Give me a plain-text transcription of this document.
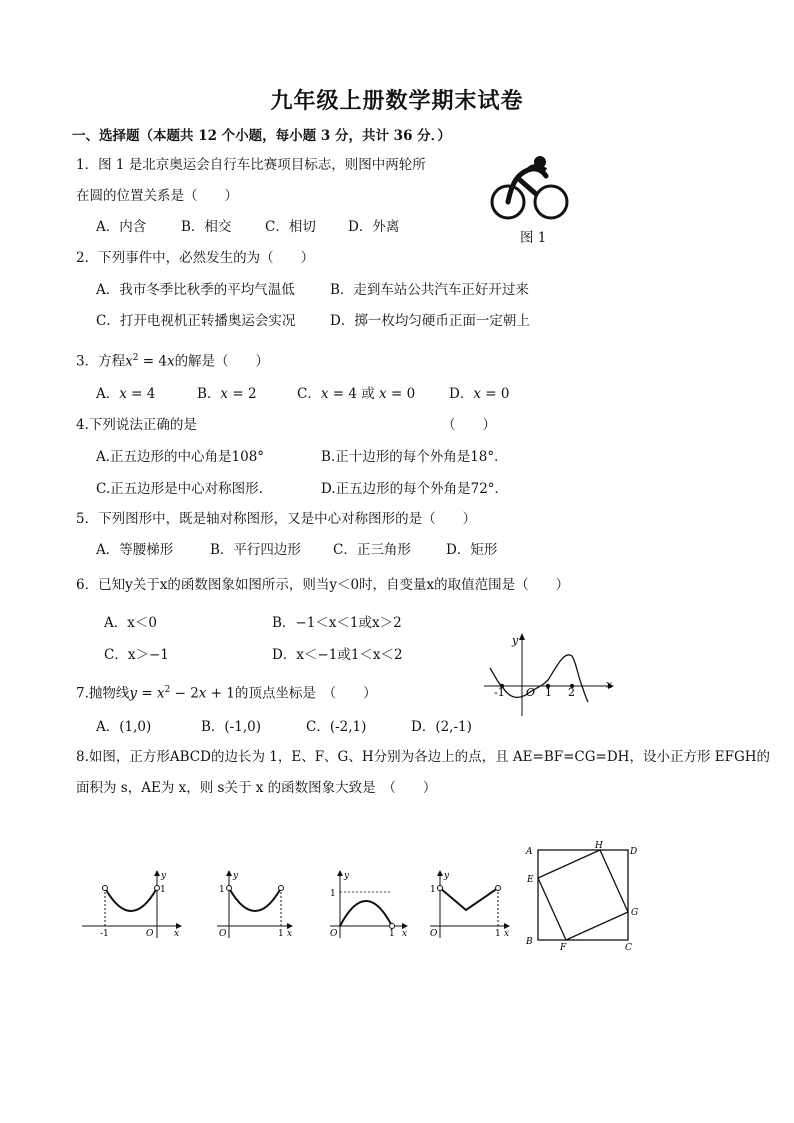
九年级上册数学期末试卷
一、选择题（本题共 12 个小题，每小题 3 分，共计 36 分．）
1．图 1 是北京奥运会自行车比赛项目标志，则图中两轮所
在圆的位置关系是（　　）
A．内含	B．相交 C．相切 D．外离
图 1
2．下列事件中，必然发生的为（　　）
A．我市冬季比秋季的平均气温低	B．走到车站公共汽车正好开过来
C．打开电视机正转播奥运会实况	D．掷一枚均匀硬币正面一定朝上
3．方程$x^2 = 4x$的解是（　　）
A．x = 4	B．x = 2	C．x = 4 或 x = 0	D．x = 0
4.下列说法正确的是	（　　）
A.正五边形的中心角是108°	B.正十边形的每个外角是18°．
C.正五边形是中心对称图形.	D.正五边形的每个外角是72°．
5．下列图形中，既是轴对称图形，又是中心对称图形的是（　　）
A．等腰梯形	B．平行四边形 C．正三角形	D．矩形
6．已知y关于x的函数图象如图所示，则当y＜0时，自变量x的取值范围是（　　）
A．x＜0	B．−1＜x＜1或x＞2
C．x＞−1	D．x＜−1或1＜x＜2
y
x
-1 O 1 2
7.抛物线$y = x^2 - 2x + 1$的顶点坐标是　（　　）
A．(1,0)	B．(-1,0)	C．(-2,1)	D．(2,-1)
8.如图，正方形ABCD的边长为 1，E、F、G、H分别为各边上的点，且 AE=BF=CG=DH，设小正方形 EFGH的
面积为 s，AE为 x，则 s关于 x 的函数图象大致是　（　　）
y
x
1
O
-1
y
x
1
O	1
y
x
1
O	1
y
x
1
O	1
A	D
B
C
E
F
G
H
